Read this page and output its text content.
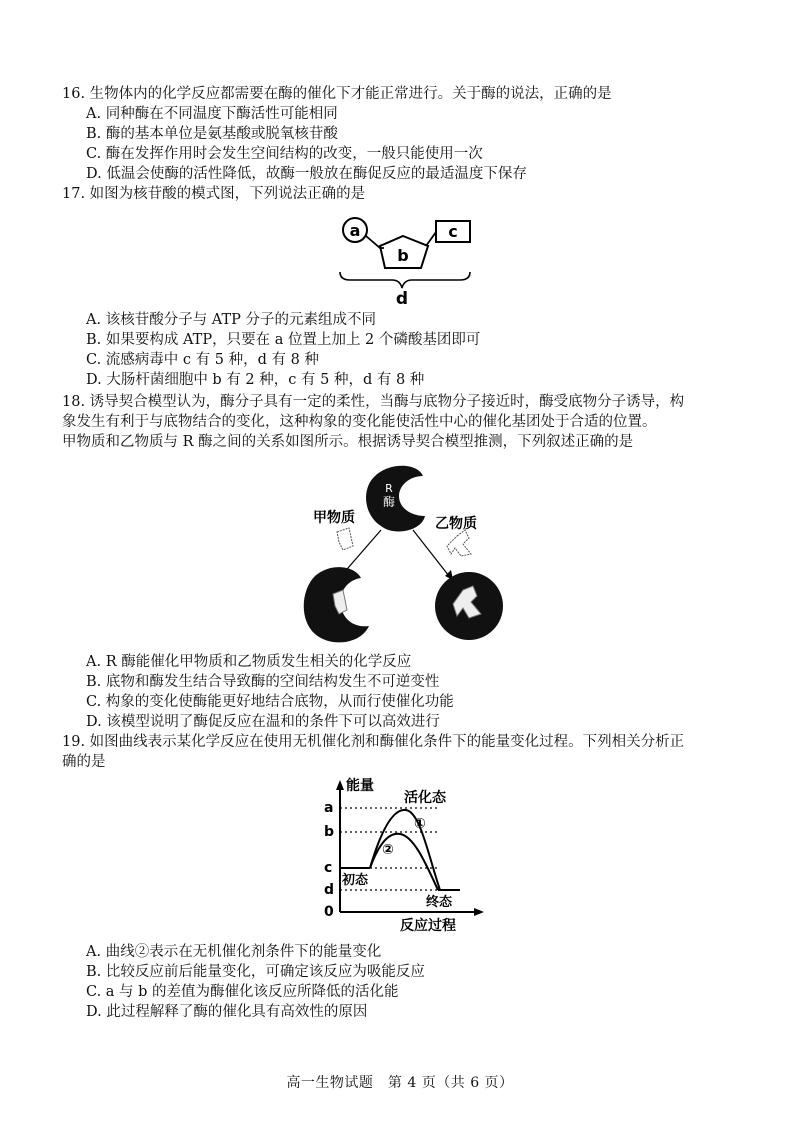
16. 生物体内的化学反应都需要在酶的催化下才能正常进行。关于酶的说法，正确的是

A. 同种酶在不同温度下酶活性可能相同

B. 酶的基本单位是氨基酸或脱氧核苷酸

C. 酶在发挥作用时会发生空间结构的改变，一般只能使用一次

D. 低温会使酶的活性降低，故酶一般放在酶促反应的最适温度下保存

17. 如图为核苷酸的模式图，下列说法正确的是

a
b
c
d

A. 该核苷酸分子与 ATP 分子的元素组成不同

B. 如果要构成 ATP，只要在 a 位置上加上 2 个磷酸基团即可

C. 流感病毒中 c 有 5 种，d 有 8 种

D. 大肠杆菌细胞中 b 有 2 种，c 有 5 种，d 有 8 种

18. 诱导契合模型认为，酶分子具有一定的柔性，当酶与底物分子接近时，酶受底物分子诱导，构

象发生有利于与底物结合的变化，这种构象的变化能使活性中心的催化基团处于合适的位置。

甲物质和乙物质与 R 酶之间的关系如图所示。根据诱导契合模型推测，下列叙述正确的是

R
酶
甲物质	乙物质

A. R 酶能催化甲物质和乙物质发生相关的化学反应

B. 底物和酶发生结合导致酶的空间结构发生不可逆变性

C. 构象的变化使酶能更好地结合底物，从而行使催化功能

D. 该模型说明了酶促反应在温和的条件下可以高效进行

19. 如图曲线表示某化学反应在使用无机催化剂和酶催化条件下的能量变化过程。下列相关分析正

确的是

能量
反应过程
a
b
c
d
0
活化态
①
②
初态
终态

A. 曲线②表示在无机催化剂条件下的能量变化

B. 比较反应前后能量变化，可确定该反应为吸能反应

C. a 与 b 的差值为酶催化该反应所降低的活化能

D. 此过程解释了酶的催化具有高效性的原因

高一生物试题　第 4 页（共 6 页）
